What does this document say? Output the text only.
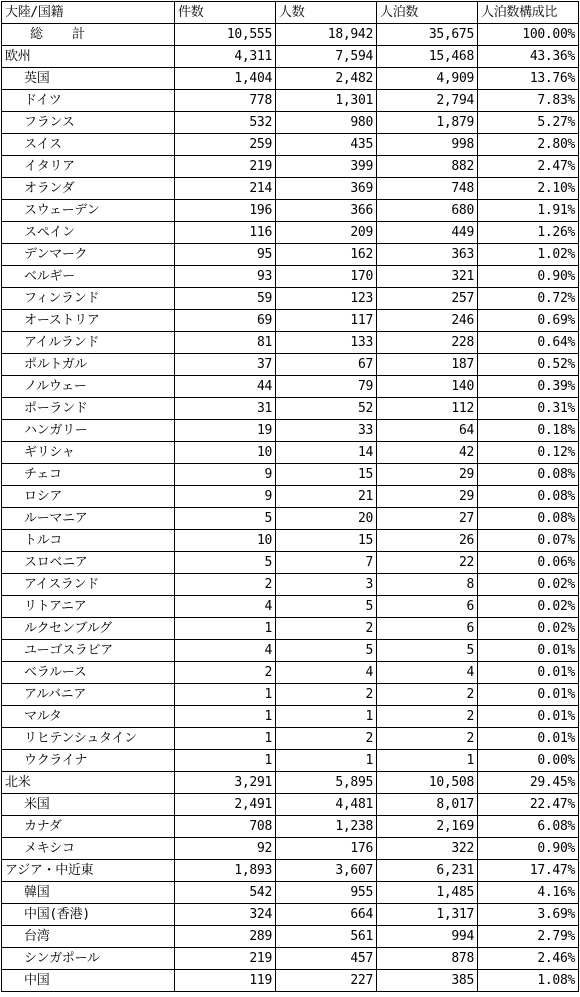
大陸/国籍	件数	人数	人泊数	人泊数構成比
総　計	10,555	18,942	35,675	100.00%
欧州	4,311	7,594	15,468	43.36%
英国	1,404	2,482	4,909	13.76%
ドイツ	778	1,301	2,794	7.83%
フランス	532	980	1,879	5.27%
スイス	259	435	998	2.80%
イタリア	219	399	882	2.47%
オランダ	214	369	748	2.10%
スウェーデン	196	366	680	1.91%
スペイン	116	209	449	1.26%
デンマーク	95	162	363	1.02%
ベルギー	93	170	321	0.90%
フィンランド	59	123	257	0.72%
オーストリア	69	117	246	0.69%
アイルランド	81	133	228	0.64%
ポルトガル	37	67	187	0.52%
ノルウェー	44	79	140	0.39%
ポーランド	31	52	112	0.31%
ハンガリー	19	33	64	0.18%
ギリシャ	10	14	42	0.12%
チェコ	9	15	29	0.08%
ロシア	9	21	29	0.08%
ルーマニア	5	20	27	0.08%
トルコ	10	15	26	0.07%
スロベニア	5	7	22	0.06%
アイスランド	2	3	8	0.02%
リトアニア	4	5	6	0.02%
ルクセンブルグ	1	2	6	0.02%
ユーゴスラビア	4	5	5	0.01%
ベラルース	2	4	4	0.01%
アルバニア	1	2	2	0.01%
マルタ	1	1	2	0.01%
リヒテンシュタイン	1	2	2	0.01%
ウクライナ	1	1	1	0.00%
北米	3,291	5,895	10,508	29.45%
米国	2,491	4,481	8,017	22.47%
カナダ	708	1,238	2,169	6.08%
メキシコ	92	176	322	0.90%
アジア・中近東	1,893	3,607	6,231	17.47%
韓国	542	955	1,485	4.16%
中国(香港)	324	664	1,317	3.69%
台湾	289	561	994	2.79%
シンガポール	219	457	878	2.46%
中国	119	227	385	1.08%
